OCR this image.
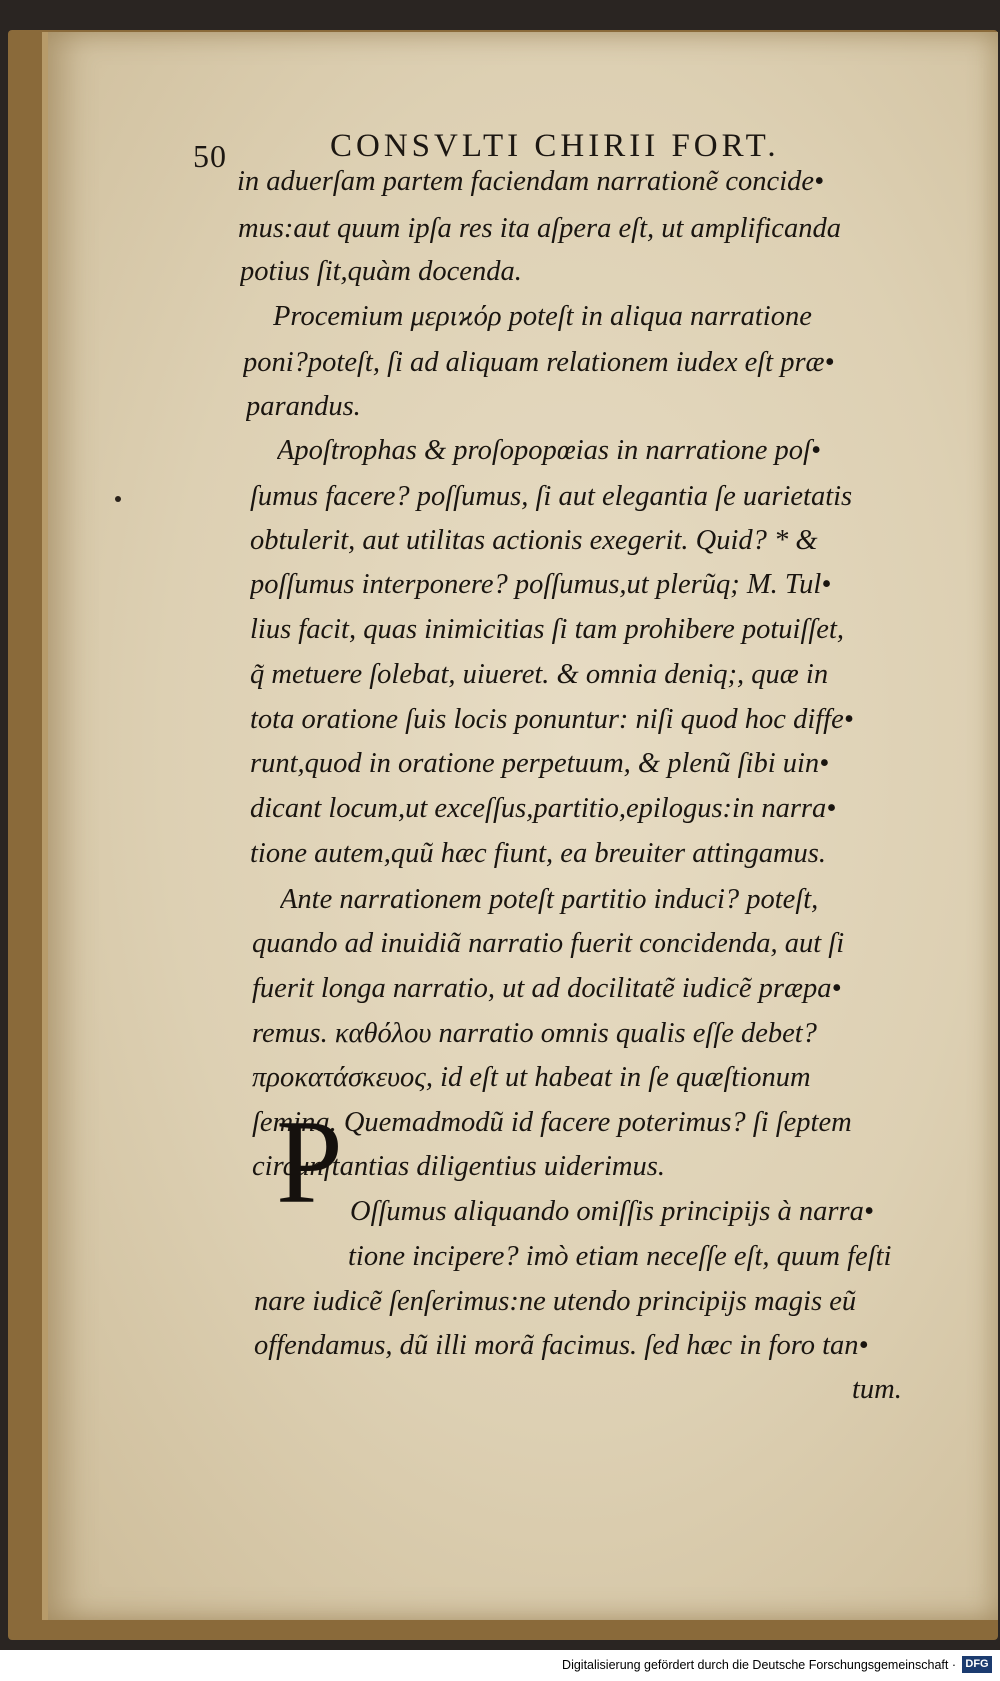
50	CONSVLTI CHIRII FORT.
in aduerſam partem faciendam narrationẽ concide•
mus:aut quum ipſa res ita aſpera eſt, ut amplificanda
potius ſit,quàm docenda.
Procemium μεριϰόρ poteſt in aliqua narratione
poni?poteſt, ſi ad aliquam relationem iudex eſt præ•
parandus.
Apoſtrophas & proſopopœias in narratione poſ•
ſumus facere? poſſumus, ſi aut elegantia ſe uarietatis
obtulerit, aut utilitas actionis exegerit. Quid? * &
poſſumus interponere? poſſumus,ut plerũq; M. Tul•
lius facit, quas inimicitias ſi tam prohibere potuiſſet,
q̃ metuere ſolebat, uiueret. & omnia deniq;, quæ in
tota oratione ſuis locis ponuntur: niſi quod hoc diffe•
runt,quod in oratione perpetuum, & plenũ ſibi uin•
dicant locum,ut exceſſus,partitio,epilogus:in narra•
tione autem,quũ hæc fiunt, ea breuiter attingamus.
Ante narrationem poteſt partitio induci? poteſt,
quando ad inuidiã narratio fuerit concidenda, aut ſi
fuerit longa narratio, ut ad docilitatẽ iudicẽ præpa•
remus. καθόλου narratio omnis qualis eſſe debet?
προκατάσκευος, id eſt ut habeat in ſe quæſtionum
ſemina. Quemadmodũ id facere poterimus? ſi ſeptem
circunſtantias diligentius uiderimus.
P Oſſumus aliquando omiſſis principijs à narra•
tione incipere? imò etiam neceſſe eſt, quum feſti
nare iudicẽ ſenſerimus:ne utendo principijs magis eũ
offendamus, dũ illi morã facimus. ſed hæc in foro tan•
tum.
Digitalisierung gefördert durch die Deutsche Forschungsgemeinschaft · DFG
